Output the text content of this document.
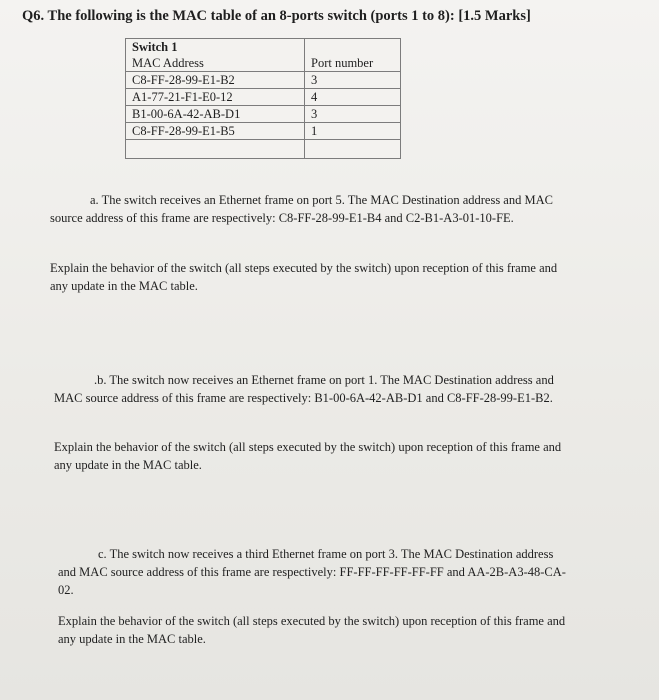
Q6. The following is the MAC table of an 8-ports switch (ports 1 to 8): [1.5 Marks]
Switch 1	
MAC Address	Port number
C8-FF-28-99-E1-B2	3
A1-77-21-F1-E0-12	4
B1-00-6A-42-AB-D1	3
C8-FF-28-99-E1-B5	1

a. The switch receives an Ethernet frame on port 5. The MAC Destination address and MAC source address of this frame are respectively: C8-FF-28-99-E1-B4 and C2-B1-A3-01-10-FE.

Explain the behavior of the switch (all steps executed by the switch) upon reception of this frame and any update in the MAC table.

.b. The switch now receives an Ethernet frame on port 1. The MAC Destination address and MAC source address of this frame are respectively: B1-00-6A-42-AB-D1 and C8-FF-28-99-E1-B2.

Explain the behavior of the switch (all steps executed by the switch) upon reception of this frame and any update in the MAC table.

c. The switch now receives a third Ethernet frame on port 3. The MAC Destination address and MAC source address of this frame are respectively: FF-FF-FF-FF-FF-FF and AA-2B-A3-48-CA-02.

Explain the behavior of the switch (all steps executed by the switch) upon reception of this frame and any update in the MAC table.
